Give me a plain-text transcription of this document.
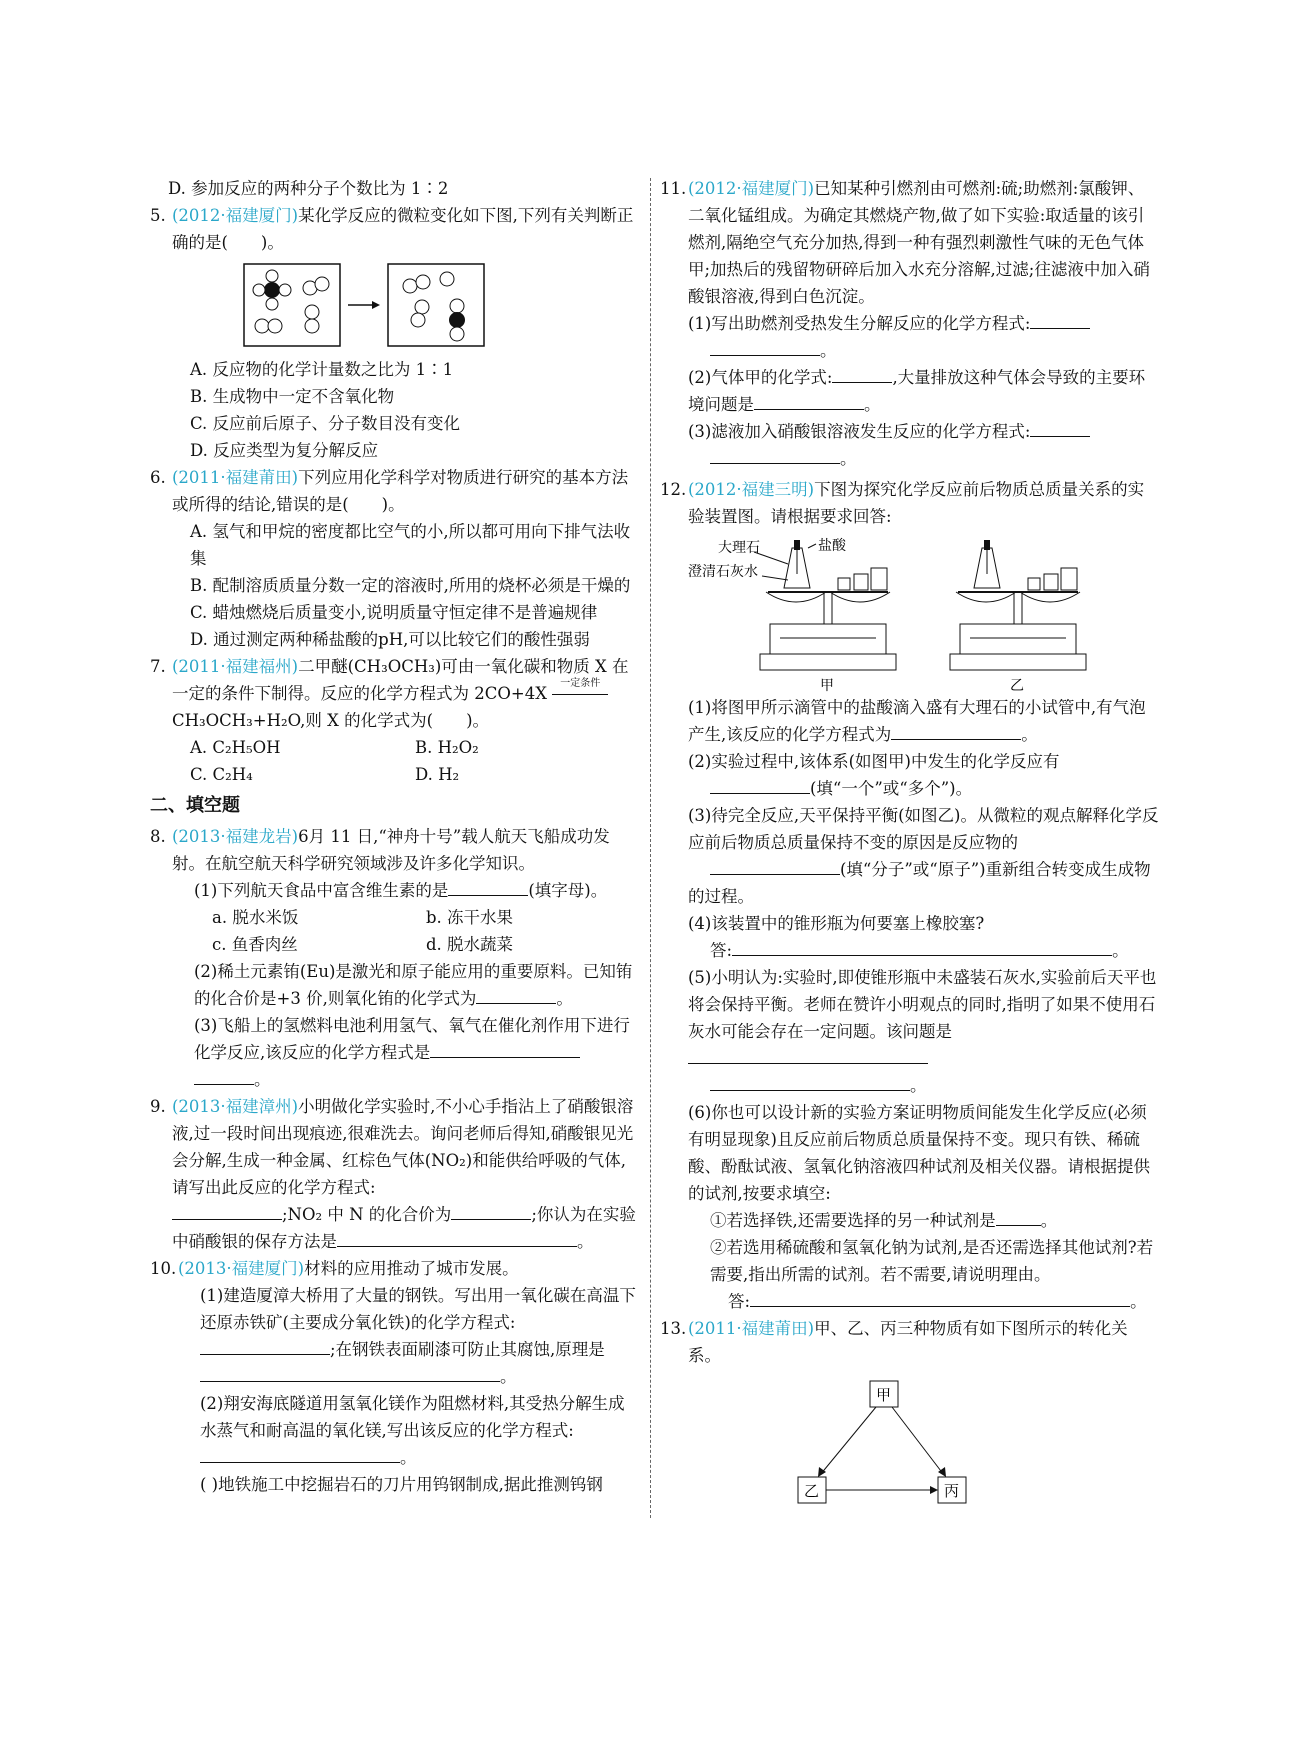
D. 参加反应的两种分子个数比为 1∶2
5. (2012·福建厦门)某化学反应的微粒变化如下图,下列有关判断正确的是(　　)。
A. 反应物的化学计量数之比为 1∶1
B. 生成物中一定不含氧化物
C. 反应前后原子、分子数目没有变化
D. 反应类型为复分解反应
6. (2011·福建莆田)下列应用化学科学对物质进行研究的基本方法或所得的结论,错误的是(　　)。
A. 氢气和甲烷的密度都比空气的小,所以都可用向下排气法收集
B. 配制溶质质量分数一定的溶液时,所用的烧杯必须是干燥的
C. 蜡烛燃烧后质量变小,说明质量守恒定律不是普遍规律
D. 通过测定两种稀盐酸的pH,可以比较它们的酸性强弱
7. (2011·福建福州)二甲醚(CH₃OCH₃)可由一氧化碳和物质 X 在一定的条件下制得。反应的化学方程式为 2CO+4X
一定条件
CH₃OCH₃+H₂O,则 X 的化学式为(　　)。
A. C₂H₅OH	B. H₂O₂
C. C₂H₄	D. H₂
二、填空题
8. (2013·福建龙岩)6月 11 日,“神舟十号”载人航天飞船成功发射。在航空航天科学研究领域涉及许多化学知识。
(1)下列航天食品中富含维生素的是	(填字母)。
a. 脱水米饭	b. 冻干水果
c. 鱼香肉丝	d. 脱水蔬菜
(2)稀土元素铕(Eu)是激光和原子能应用的重要原料。已知铕的化合价是+3 价,则氧化铕的化学式为	。
(3)飞船上的氢燃料电池利用氢气、氧气在催化剂作用下进行化学反应,该反应的化学方程式是
。
9. (2013·福建漳州)小明做化学实验时,不小心手指沾上了硝酸银溶液,过一段时间出现痕迹,很难洗去。询问老师后得知,硝酸银见光会分解,生成一种金属、红棕色气体(NO₂)和能供给呼吸的气体,请写出此反应的化学方程式:
;NO₂ 中 N 的化合价为	;你认为在实验中硝酸银的保存方法是	。
10. (2013·福建厦门)材料的应用推动了城市发展。
(1)建造厦漳大桥用了大量的钢铁。写出用一氧化碳在高温下还原赤铁矿(主要成分氧化铁)的化学方程式:
;在钢铁表面刷漆可防止其腐蚀,原理是
。
(2)翔安海底隧道用氢氧化镁作为阻燃材料,其受热分解生成水蒸气和耐高温的氧化镁,写出该反应的化学方程式:
。
( )地铁施工中挖掘岩石的刀片用钨钢制成,据此推测钨钢
11. (2012·福建厦门)已知某种引燃剂由可燃剂:硫;助燃剂:氯酸钾、二氧化锰组成。为确定其燃烧产物,做了如下实验:取适量的该引燃剂,隔绝空气充分加热,得到一种有强烈刺激性气味的无色气体甲;加热后的残留物研碎后加入水充分溶解,过滤;往滤液中加入硝酸银溶液,得到白色沉淀。
(1)写出助燃剂受热发生分解反应的化学方程式:
。
(2)气体甲的化学式:	,大量排放这种气体会导致的主要环境问题是	。
(3)滤液加入硝酸银溶液发生反应的化学方程式:
。
12. (2012·福建三明)下图为探究化学反应前后物质总质量关系的实验装置图。请根据要求回答:
大理石	盐酸
澄清石灰水
甲	乙
(1)将图甲所示滴管中的盐酸滴入盛有大理石的小试管中,有气泡产生,该反应的化学方程式为	。
(2)实验过程中,该体系(如图甲)中发生的化学反应有
(填“一个”或“多个”)。
(3)待完全反应,天平保持平衡(如图乙)。从微粒的观点解释化学反应前后物质总质量保持不变的原因是反应物的
(填“分子”或“原子”)重新组合转变成生成物的过程。
(4)该装置中的锥形瓶为何要塞上橡胶塞?
答:	。
(5)小明认为:实验时,即使锥形瓶中未盛装石灰水,实验前后天平也将会保持平衡。老师在赞许小明观点的同时,指明了如果不使用石灰水可能会存在一定问题。该问题是
。
(6)你也可以设计新的实验方案证明物质间能发生化学反应(必须有明显现象)且反应前后物质总质量保持不变。现只有铁、稀硫酸、酚酞试液、氢氧化钠溶液四种试剂及相关仪器。请根据提供的试剂,按要求填空:
①若选择铁,还需要选择的另一种试剂是	。
②若选用稀硫酸和氢氧化钠为试剂,是否还需选择其他试剂?若需要,指出所需的试剂。若不需要,请说明理由。
答:	。
13. (2011·福建莆田)甲、乙、丙三种物质有如下图所示的转化关系。
甲
乙	丙
